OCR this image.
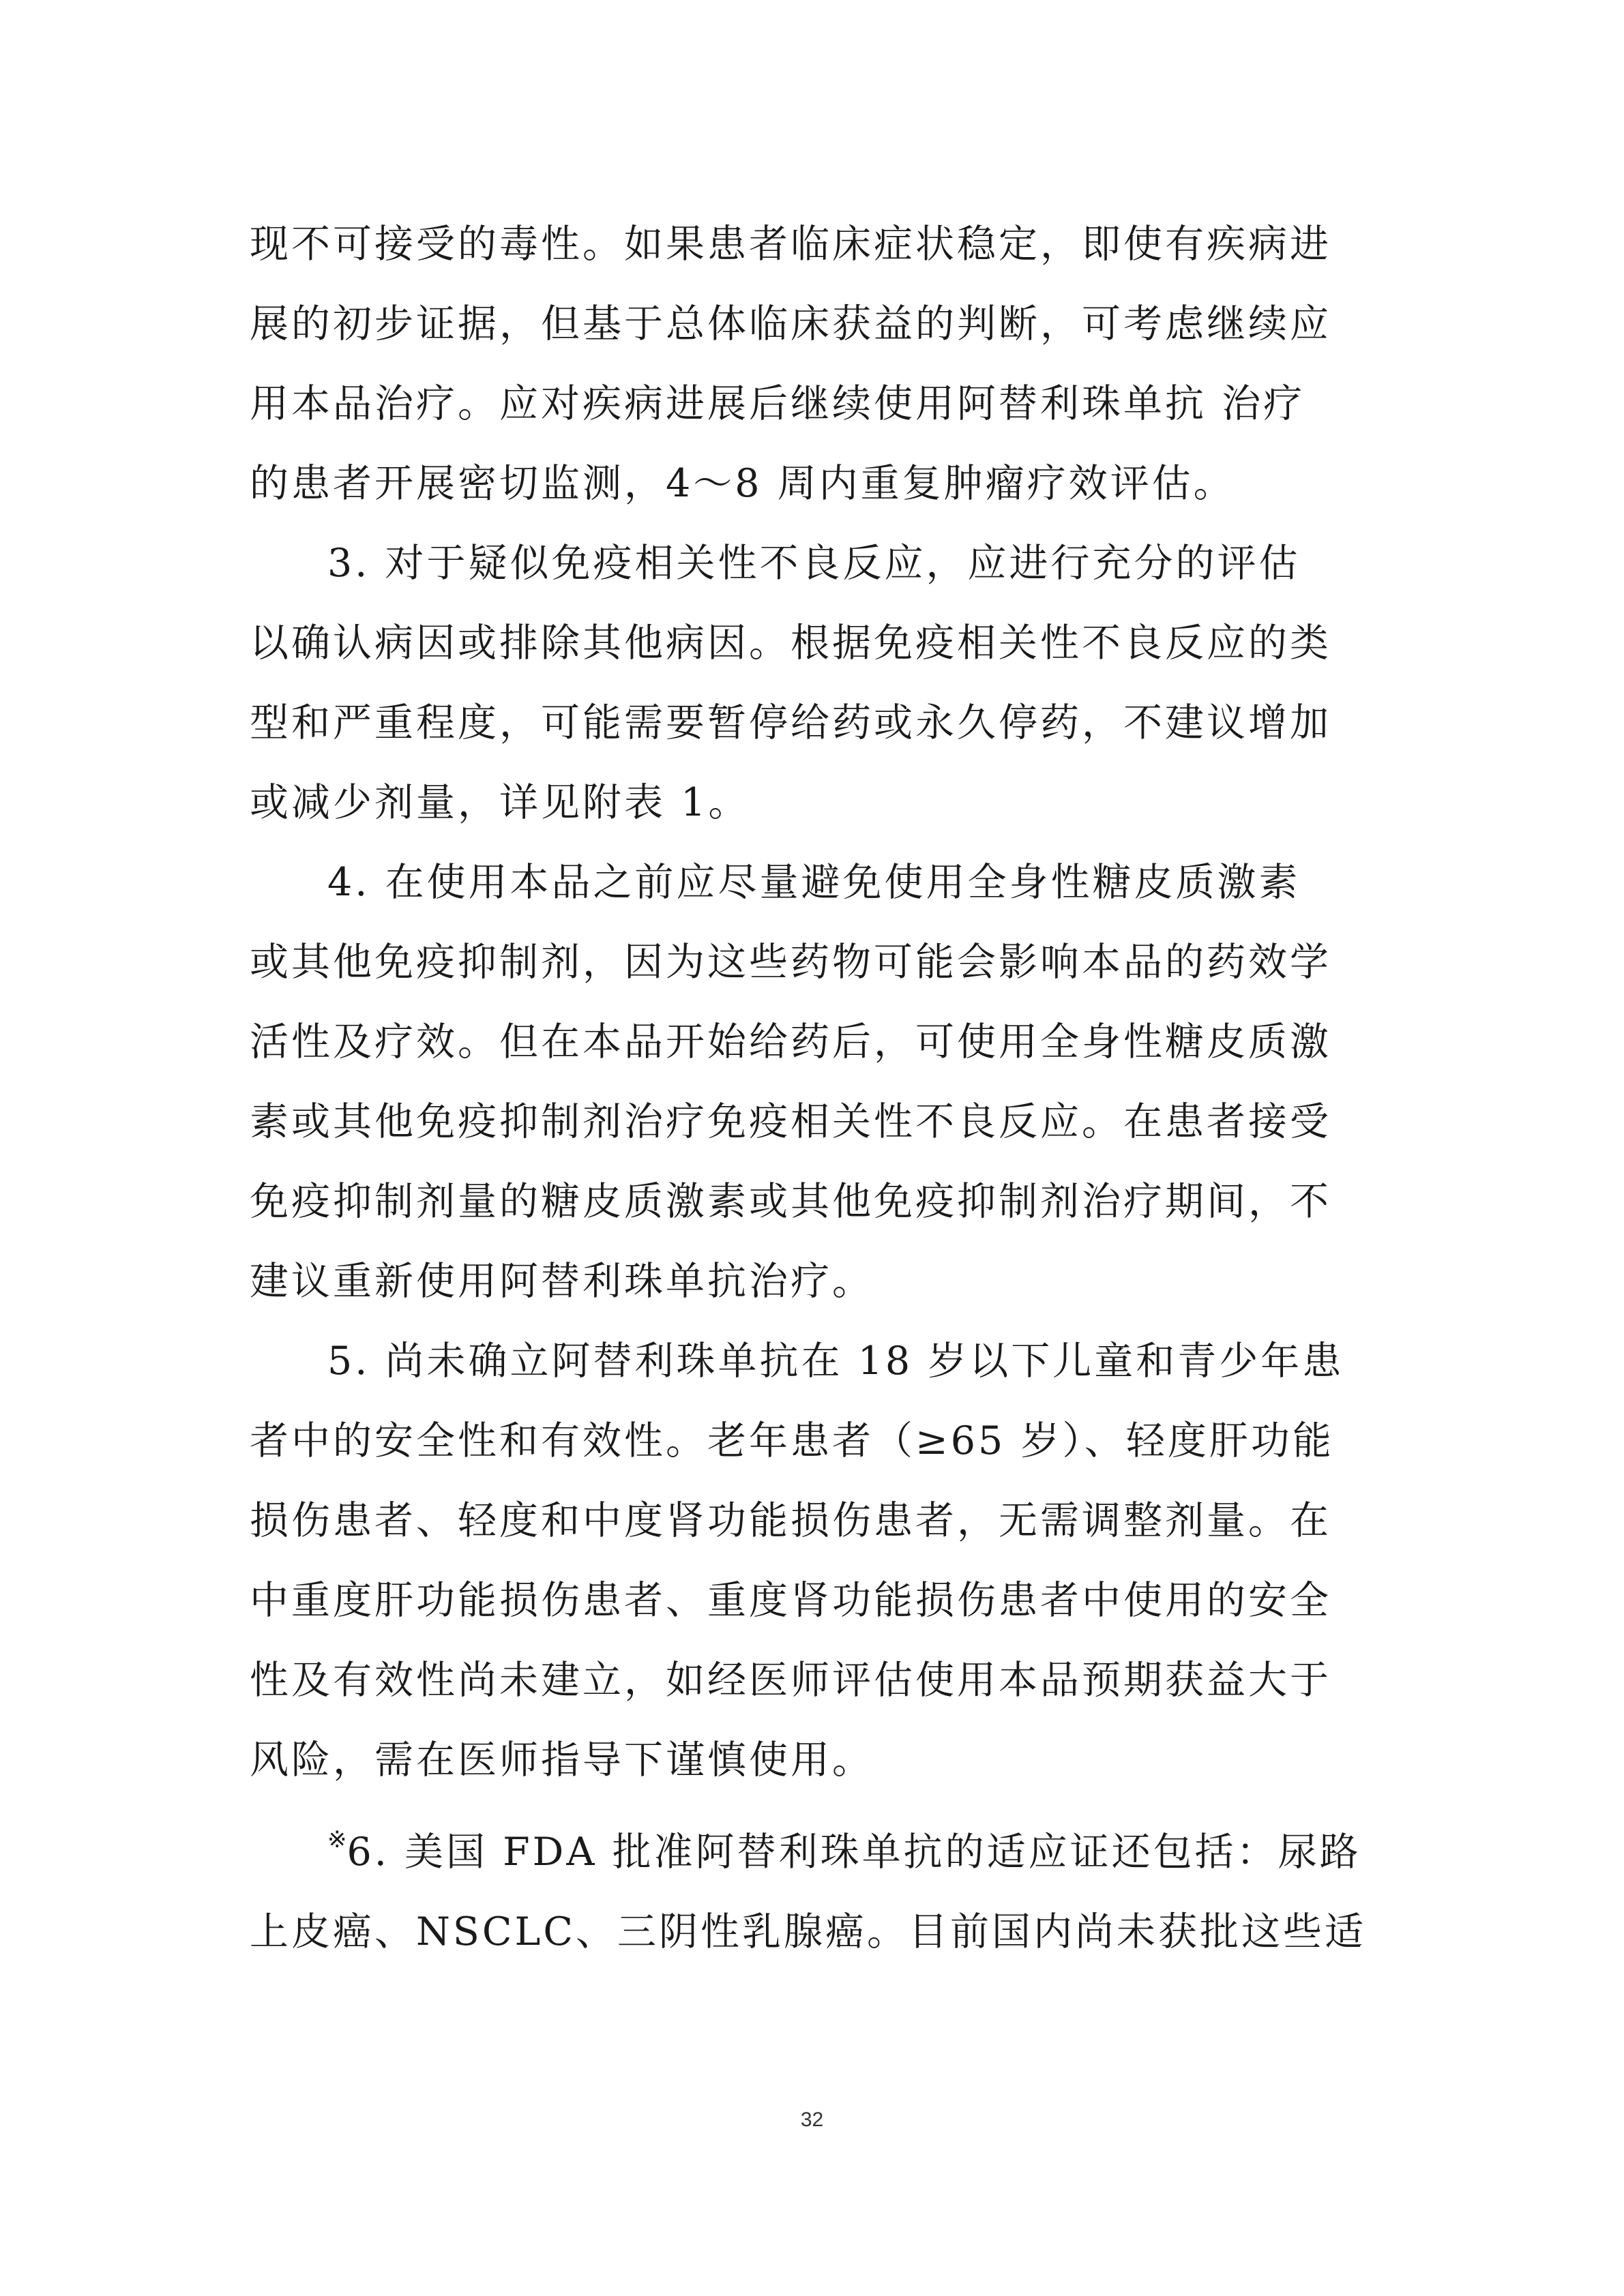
现不可接受的毒性。如果患者临床症状稳定，即使有疾病进
展的初步证据，但基于总体临床获益的判断，可考虑继续应
用本品治疗。应对疾病进展后继续使用阿替利珠单抗 治疗
的患者开展密切监测，4～8 周内重复肿瘤疗效评估。
3. 对于疑似免疫相关性不良反应，应进行充分的评估
以确认病因或排除其他病因。根据免疫相关性不良反应的类
型和严重程度，可能需要暂停给药或永久停药，不建议增加
或减少剂量，详见附表 1。
4. 在使用本品之前应尽量避免使用全身性糖皮质激素
或其他免疫抑制剂，因为这些药物可能会影响本品的药效学
活性及疗效。但在本品开始给药后，可使用全身性糖皮质激
素或其他免疫抑制剂治疗免疫相关性不良反应。在患者接受
免疫抑制剂量的糖皮质激素或其他免疫抑制剂治疗期间，不
建议重新使用阿替利珠单抗治疗。
5. 尚未确立阿替利珠单抗在 18 岁以下儿童和青少年患
者中的安全性和有效性。老年患者（≥65 岁）、轻度肝功能
损伤患者、轻度和中度肾功能损伤患者，无需调整剂量。在
中重度肝功能损伤患者、重度肾功能损伤患者中使用的安全
性及有效性尚未建立，如经医师评估使用本品预期获益大于
风险，需在医师指导下谨慎使用。
※6. 美国 FDA 批准阿替利珠单抗的适应证还包括：尿路
上皮癌、NSCLC、三阴性乳腺癌。目前国内尚未获批这些适
32
